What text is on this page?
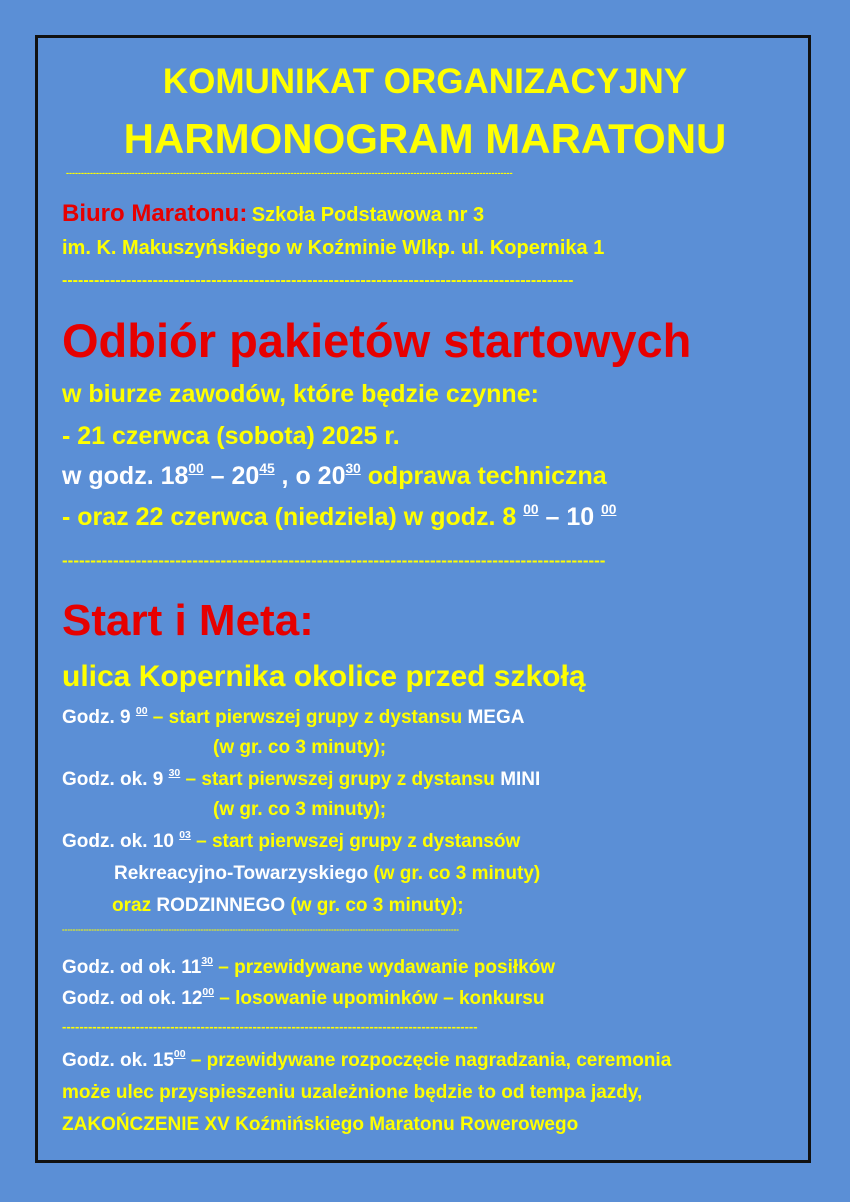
KOMUNIKAT ORGANIZACYJNY
HARMONOGRAM MARATONU
-----------------------------------------------------------------------------------------------------------------------------------------------------
Biuro Maratonu: Szkoła Podstawowa nr 3
im. K. Makuszyńskiego w Koźminie Wlkp. ul. Kopernika 1
------------------------------------------------------------------------------------------------
Odbiór pakietów startowych
w biurze zawodów, które będzie czynne:
- 21 czerwca (sobota) 2025 r.
w godz. $18^{00} - 20^{45}$ , o $20^{30}$ odprawa techniczna
- oraz 22 czerwca (niedziela) w godz. 8 $^{00}$ – 10 $^{00}$
------------------------------------------------------------------------------------------------
Start i Meta:
ulica Kopernika okolice przed szkołą
Godz. 9 $^{00}$ – start pierwszej grupy z dystansu MEGA
(w gr. co 3 minuty);
Godz. ok. 9 $^{30}$ – start pierwszej grupy z dystansu MINI
(w gr. co 3 minuty);
Godz. ok. 10 $^{03}$ – start pierwszej grupy z dystansów
Rekreacyjno-Towarzyskiego (w gr. co 3 minuty)
oraz RODZINNEGO (w gr. co 3 minuty);
-----------------------------------------------------------------------------------------------------------------------------------------------------
Godz. od ok. $11^{30}$ – przewidywane wydawanie posiłków
Godz. od ok. $12^{00}$ – losowanie upominków – konkursu
------------------------------------------------------------------------------------------------
Godz. ok. $15^{00}$ – przewidywane rozpoczęcie nagradzania, ceremonia
może ulec przyspieszeniu uzależnione będzie to od tempa jazdy,
ZAKOŃCZENIE XV Koźmińskiego Maratonu Rowerowego
